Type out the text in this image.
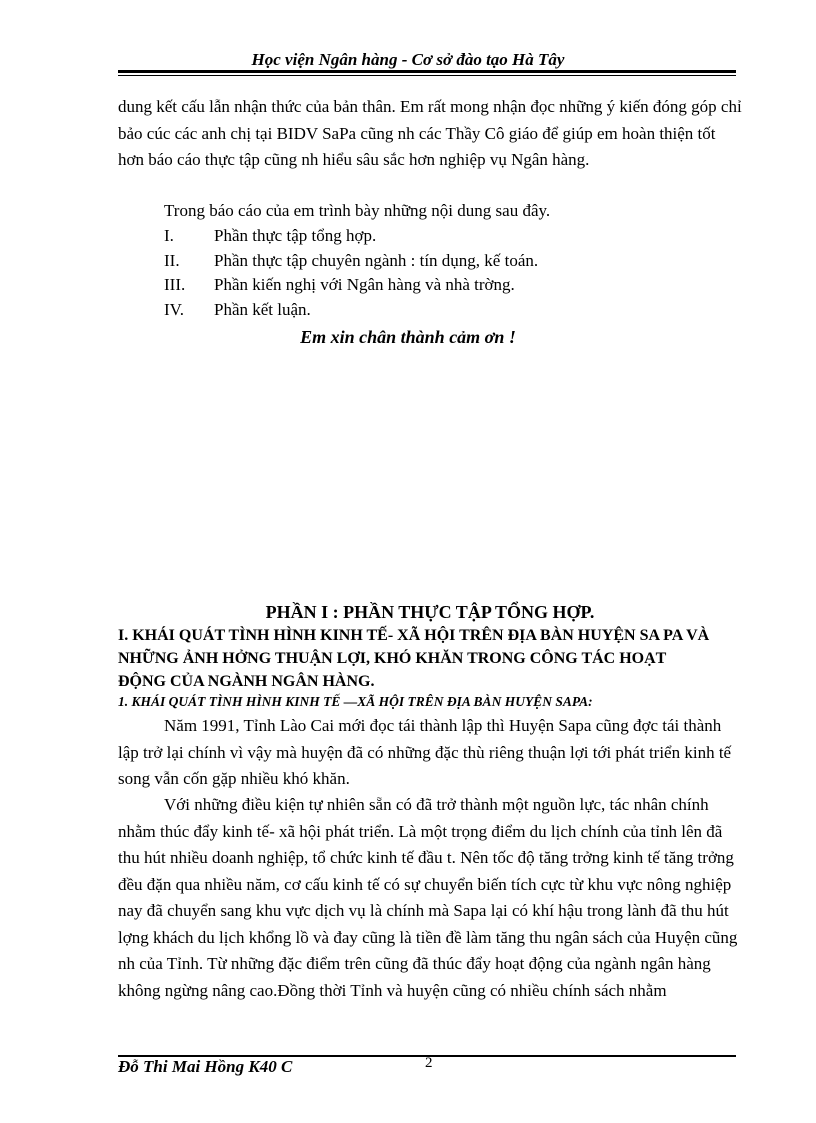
Học viện Ngân hàng - Cơ sở đào tạo Hà Tây
dung kết cấu lẫn nhận thức của bản thân. Em rất mong nhận đọc những ý kiến đóng góp chỉ bảo cúc các anh chị tại BIDV SaPa cũng nh các Thầy Cô giáo để giúp em hoàn thiện tốt hơn báo cáo thực tập cũng nh hiểu sâu sắc hơn nghiệp vụ Ngân hàng.
Trong báo cáo của em trình bày những nội dung sau đây.
I.	Phần thực tập tổng hợp.
II.	Phần thực tập chuyên ngành : tín dụng, kế toán.
III.	Phần kiến nghị với Ngân hàng và nhà trờng.
IV.	Phần kết luận.
Em xin chân thành cảm ơn !
PHẦN I : PHẦN THỰC TẬP TỔNG HỢP.
I. KHÁI QUÁT TÌNH HÌNH KINH TẾ- XÃ HỘI TRÊN ĐỊA BÀN HUYỆN SA PA VÀ NHỮNG ẢNH HỞNG THUẬN LỢI, KHÓ KHĂN TRONG CÔNG TÁC HOẠT ĐỘNG CỦA NGÀNH NGÂN HÀNG.
1. KHÁI QUÁT TÌNH HÌNH KINH TẾ —XÃ HỘI TRÊN ĐỊA BÀN HUYỆN SAPA:
Năm 1991, Tỉnh Lào Cai mới đọc tái thành lập thì Huyện Sapa cũng đợc tái thành lập trở lại chính vì vậy mà huyện đã có những đặc thù riêng thuận lợi tới phát triển kinh tế song vẫn cốn gặp nhiều khó khăn.
Với những điều kiện tự nhiên sẵn có đã trở thành một nguồn lực, tác nhân chính nhằm thúc đẩy kinh tế- xã hội phát triển. Là một trọng điểm du lịch chính của tỉnh lên đã thu hút nhiều doanh nghiệp, tổ chức kinh tế đầu t. Nên tốc độ tăng trởng kinh tế tăng trởng đều đặn qua nhiều năm, cơ cấu kinh tế có sự chuyển biến tích cực từ khu vực nông nghiệp nay đã chuyển sang khu vực dịch vụ là chính mà Sapa lại có khí hậu trong lành đã thu hút lợng khách du lịch khổng lồ và đay cũng là tiền đề làm tăng thu ngân sách của Huyện cũng nh của Tỉnh. Từ những đặc điểm trên cũng đã thúc đẩy hoạt động của ngành ngân hàng không ngừng nâng cao.Đồng thời Tỉnh và huyện cũng có nhiều chính sách nhằm
Đỗ Thi Mai Hồng K40 C	2
